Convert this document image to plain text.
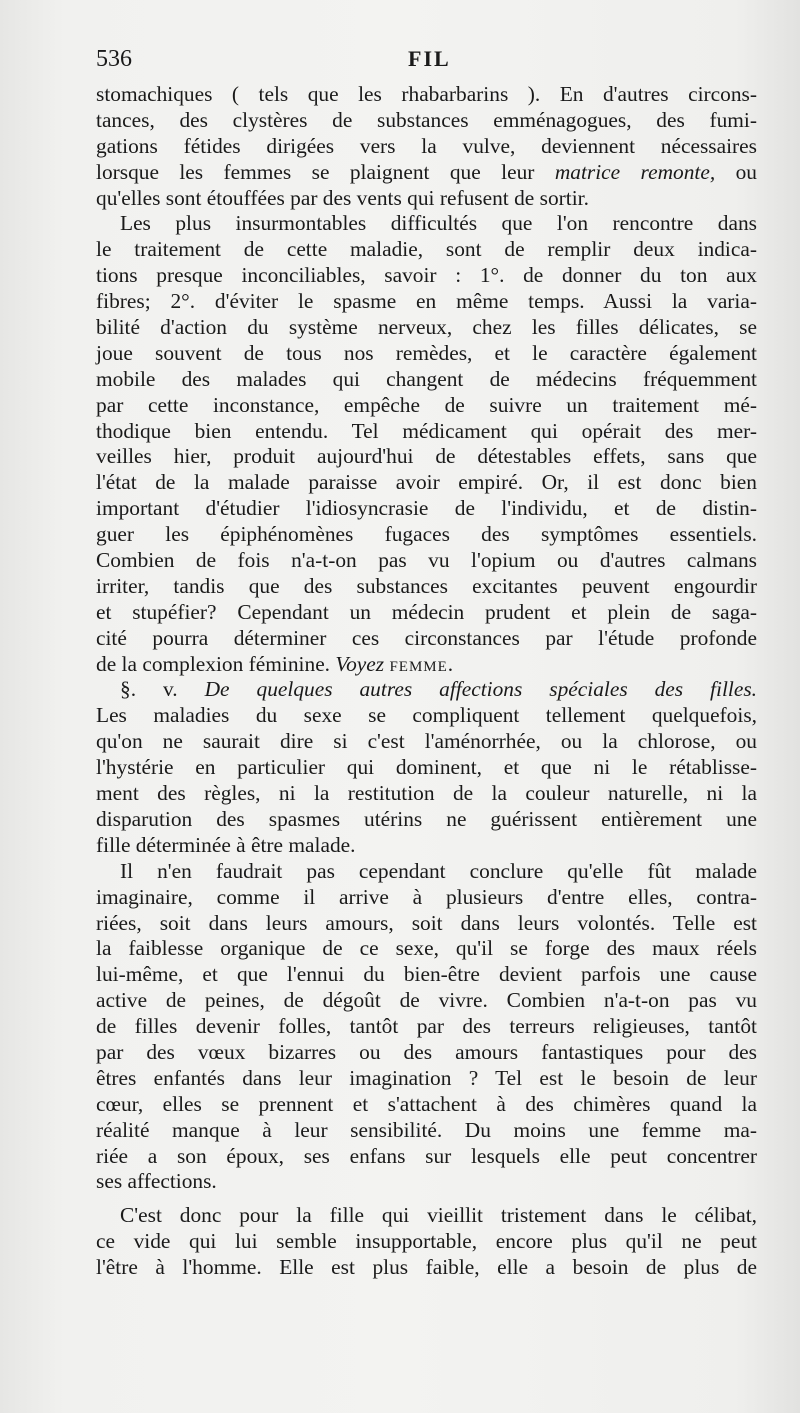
536	FIL
stomachiques ( tels que les rhabarbarins ). En d'autres circons-
tances, des clystères de substances emménagogues, des fumi-
gations fétides dirigées vers la vulve, deviennent nécessaires
lorsque les femmes se plaignent que leur matrice remonte, ou
qu'elles sont étouffées par des vents qui refusent de sortir.
Les plus insurmontables difficultés que l'on rencontre dans
le traitement de cette maladie, sont de remplir deux indica-
tions presque inconciliables, savoir : 1°. de donner du ton aux
fibres; 2°. d'éviter le spasme en même temps. Aussi la varia-
bilité d'action du système nerveux, chez les filles délicates, se
joue souvent de tous nos remèdes, et le caractère également
mobile des malades qui changent de médecins fréquemment
par cette inconstance, empêche de suivre un traitement mé-
thodique bien entendu. Tel médicament qui opérait des mer-
veilles hier, produit aujourd'hui de détestables effets, sans que
l'état de la malade paraisse avoir empiré. Or, il est donc bien
important d'étudier l'idiosyncrasie de l'individu, et de distin-
guer les épiphénomènes fugaces des symptômes essentiels.
Combien de fois n'a-t-on pas vu l'opium ou d'autres calmans
irriter, tandis que des substances excitantes peuvent engourdir
et stupéfier? Cependant un médecin prudent et plein de saga-
cité pourra déterminer ces circonstances par l'étude profonde
de la complexion féminine. Voyez femme.
§. v. De quelques autres affections spéciales des filles.
Les maladies du sexe se compliquent tellement quelquefois,
qu'on ne saurait dire si c'est l'aménorrhée, ou la chlorose, ou
l'hystérie en particulier qui dominent, et que ni le rétablisse-
ment des règles, ni la restitution de la couleur naturelle, ni la
disparution des spasmes utérins ne guérissent entièrement une
fille déterminée à être malade.
Il n'en faudrait pas cependant conclure qu'elle fût malade
imaginaire, comme il arrive à plusieurs d'entre elles, contra-
riées, soit dans leurs amours, soit dans leurs volontés. Telle est
la faiblesse organique de ce sexe, qu'il se forge des maux réels
lui-même, et que l'ennui du bien-être devient parfois une cause
active de peines, de dégoût de vivre. Combien n'a-t-on pas vu
de filles devenir folles, tantôt par des terreurs religieuses, tantôt
par des vœux bizarres ou des amours fantastiques pour des
êtres enfantés dans leur imagination ? Tel est le besoin de leur
cœur, elles se prennent et s'attachent à des chimères quand la
réalité manque à leur sensibilité. Du moins une femme ma-
riée a son époux, ses enfans sur lesquels elle peut concentrer
ses affections.
C'est donc pour la fille qui vieillit tristement dans le célibat,
ce vide qui lui semble insupportable, encore plus qu'il ne peut
l'être à l'homme. Elle est plus faible, elle a besoin de plus de
